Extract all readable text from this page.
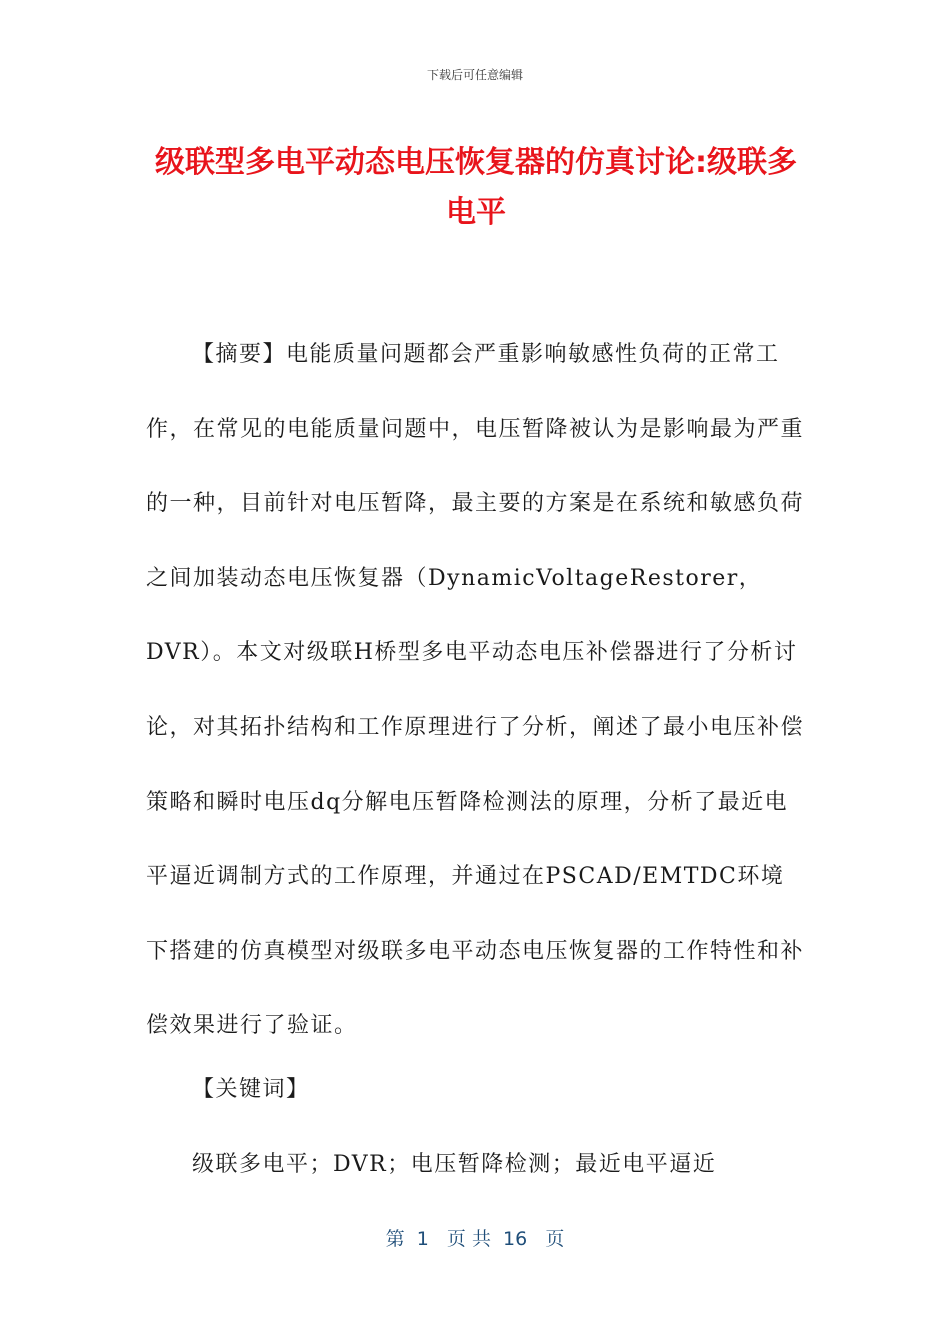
下载后可任意编辑
级联型多电平动态电压恢复器的仿真讨论:级联多电平

【摘要】电能质量问题都会严重影响敏感性负荷的正常工作，在常见的电能质量问题中，电压暂降被认为是影响最为严重的一种，目前针对电压暂降，最主要的方案是在系统和敏感负荷之间加装动态电压恢复器（DynamicVoltageRestorer，DVR）。本文对级联H桥型多电平动态电压补偿器进行了分析讨论，对其拓扑结构和工作原理进行了分析，阐述了最小电压补偿策略和瞬时电压dq分解电压暂降检测法的原理，分析了最近电平逼近调制方式的工作原理，并通过在PSCAD/EMTDC环境下搭建的仿真模型对级联多电平动态电压恢复器的工作特性和补偿效果进行了验证。

【关键词】

级联多电平；DVR；电压暂降检测；最近电平逼近

第  1   页 共  16   页
